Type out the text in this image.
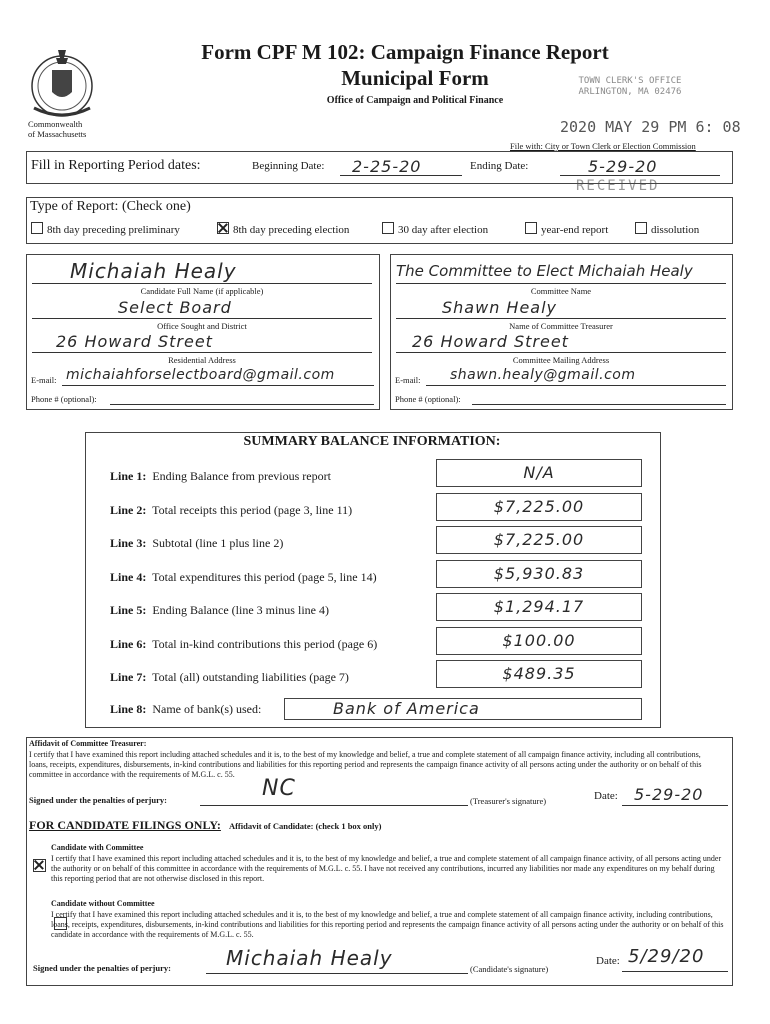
Commonwealth
of Massachusetts
Form CPF M 102: Campaign Finance Report
Municipal Form
Office of Campaign and Political Finance
TOWN CLERK'S OFFICE
ARLINGTON, MA 02476
2020 MAY 29 PM 6: 08
File with: City or Town Clerk or Election Commission
RECEIVED
Fill in Reporting Period dates:	Beginning Date: 2-25-20	Ending Date:	5-29-20
Type of Report: (Check one)
8th day preceding preliminary	8th day preceding election	30 day after election	year-end report	dissolution
Michaiah Healy
Candidate Full Name (if applicable)
Select Board
Office Sought and District
26 Howard Street
Residential Address
E-mail: michaiahforselectboard@gmail.com
Phone # (optional):
The Committee to Elect Michaiah Healy
Committee Name
Shawn Healy
Name of Committee Treasurer
26 Howard Street
Committee Mailing Address
E-mail: shawn.healy@gmail.com
Phone # (optional):
SUMMARY BALANCE INFORMATION:
Line 1: Ending Balance from previous report	N/A
Line 2: Total receipts this period (page 3, line 11)	$7,225.00
Line 3: Subtotal (line 1 plus line 2)	$7,225.00
Line 4: Total expenditures this period (page 5, line 14)	$5,930.83
Line 5: Ending Balance (line 3 minus line 4)	$1,294.17
Line 6: Total in-kind contributions this period (page 6)	$100.00
Line 7: Total (all) outstanding liabilities (page 7)	$489.35
Line 8: Name of bank(s) used:	Bank of America
Affidavit of Committee Treasurer:
I certify that I have examined this report including attached schedules and it is, to the best of my knowledge and belief, a true and complete statement of all campaign finance activity, including all contributions, loans, receipts, expenditures, disbursements, in-kind contributions and liabilities for this reporting period and represents the campaign finance activity of all persons acting under the authority or on behalf of this committee in accordance with the requirements of M.G.L. c. 55.
Signed under the penalties of perjury:	NC	(Treasurer's signature)	Date: 5-29-20
FOR CANDIDATE FILINGS ONLY: Affidavit of Candidate: (check 1 box only)
Candidate with Committee

I certify that I have examined this report including attached schedules and it is, to the best of my knowledge and belief, a true and complete statement of all campaign finance activity, of all persons acting under the authority or on behalf of this committee in accordance with the requirements of M.G.L. c. 55. I have not received any contributions, incurred any liabilities nor made any expenditures on my behalf during this reporting period that are not otherwise disclosed in this report.
Candidate without Committee
I certify that I have examined this report including attached schedules and it is, to the best of my knowledge and belief, a true and complete statement of all campaign finance activity, including contributions, loans, receipts, expenditures, disbursements, in-kind contributions and liabilities for this reporting period and represents the campaign finance activity of all persons acting under the authority or on behalf of this candidate in accordance with the requirements of M.G.L. c. 55.
Signed under the penalties of perjury:	Michaiah Healy	(Candidate's signature)
Date: 5/29/20
